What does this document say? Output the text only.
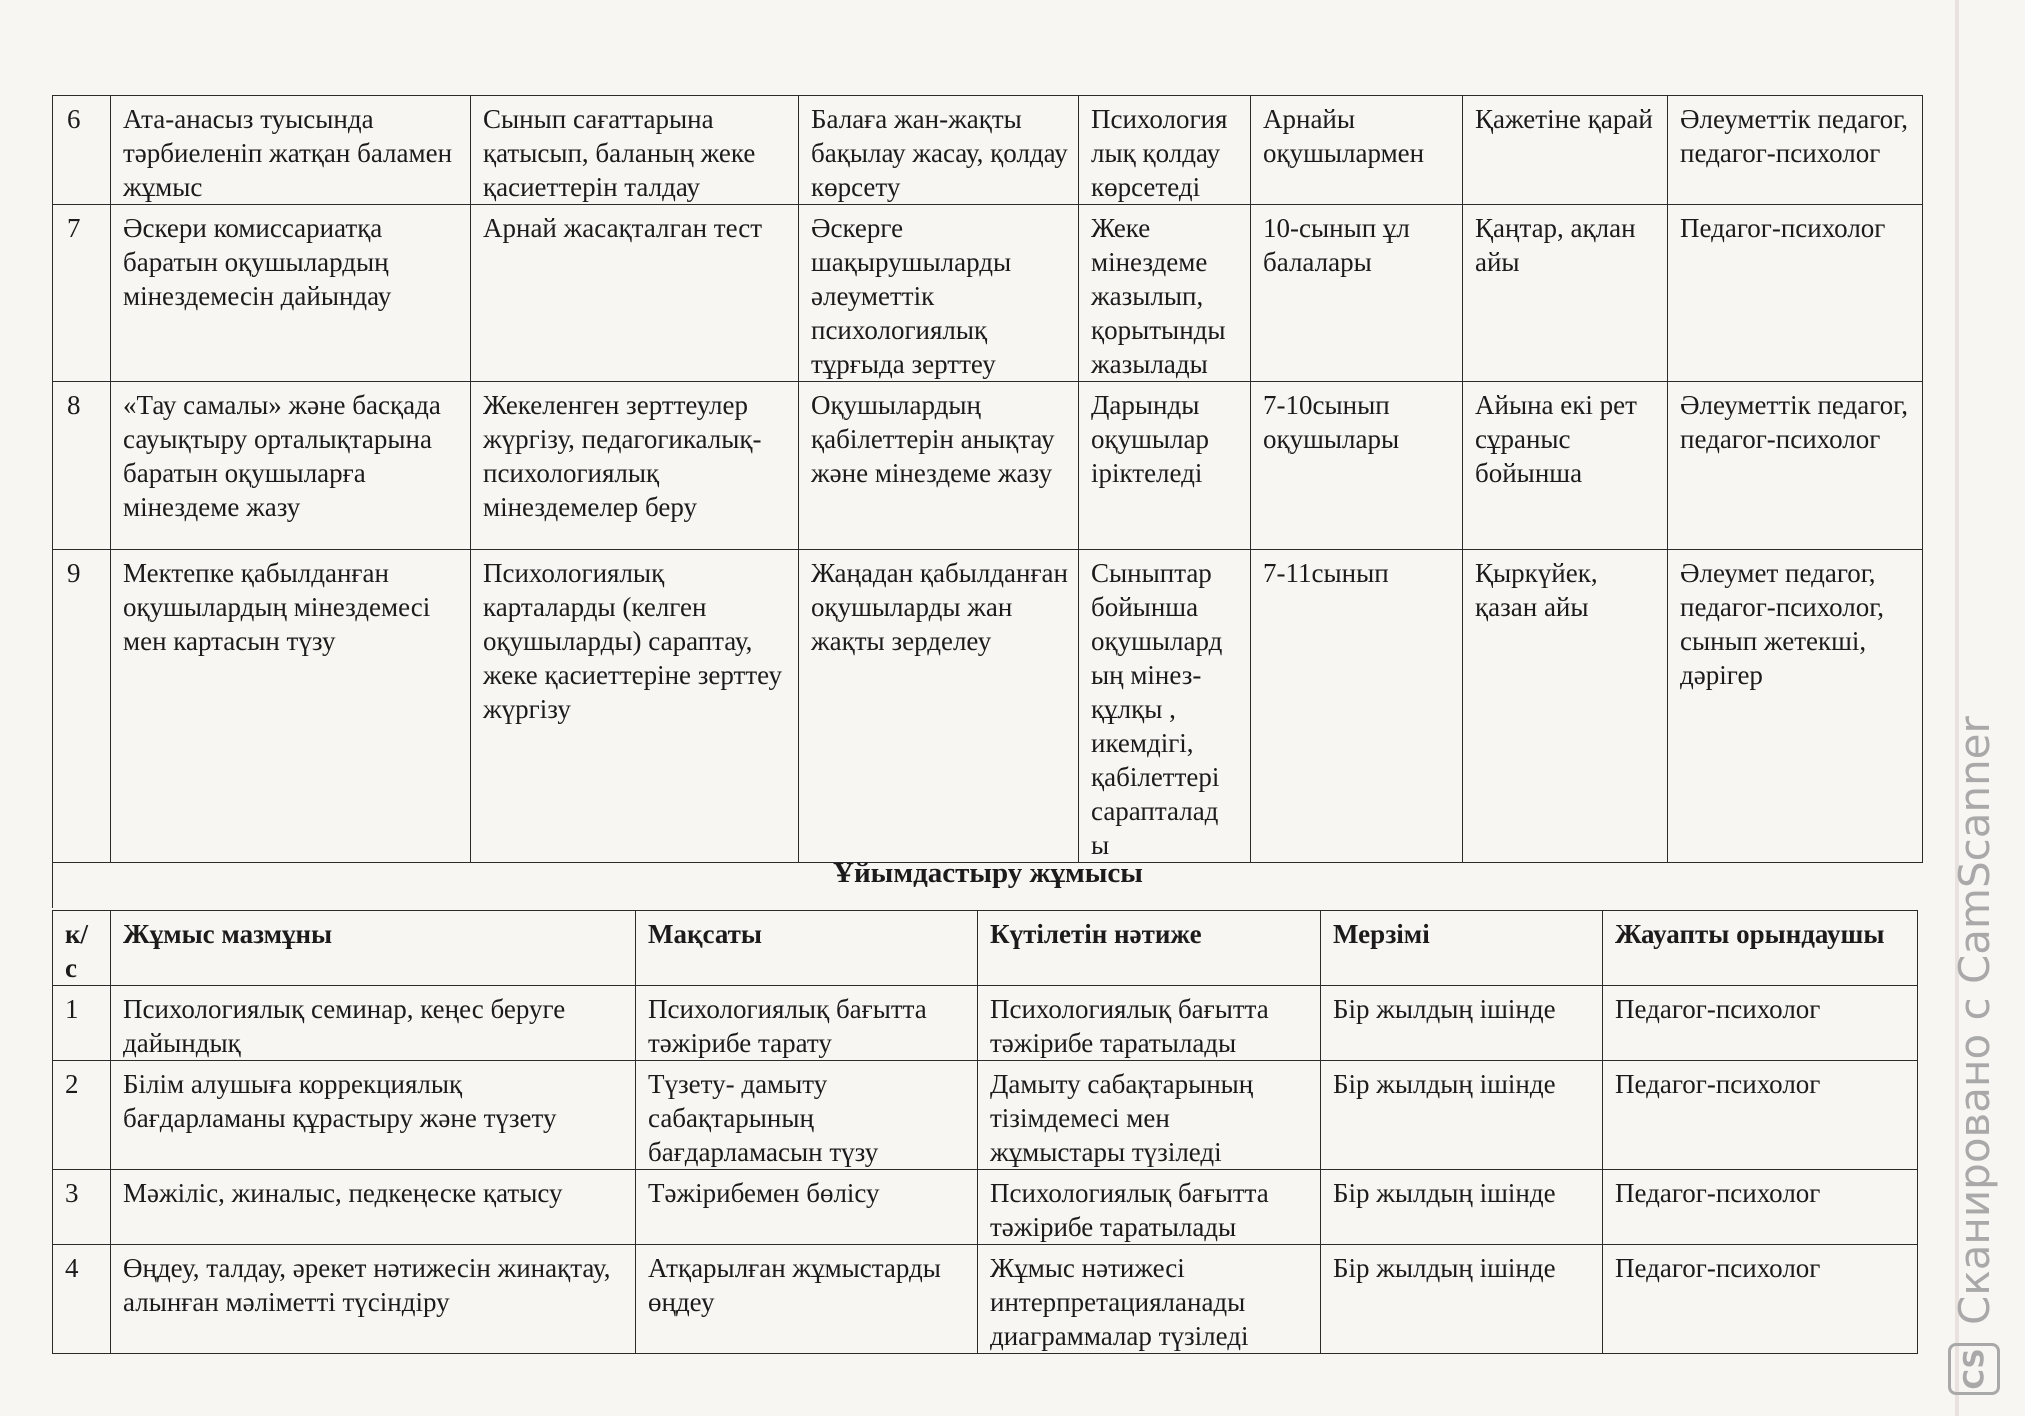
6	Ата-анасыз туысында тәрбиеленіп жатқан баламен жұмыс	Сынып сағаттарына қатысып, баланың жеке қасиеттерін талдау	Балаға жан-жақты бақылау жасау, қолдау көрсету	Психология лық қолдау көрсетеді	Арнайы оқушылармен	Қажетіне қарай	Әлеуметтік педагог, педагог-психолог
7	Әскери комиссариатқа баратын оқушылардың мінездемесін дайындау	Арнай жасақталган тест	Әскерге шақырушыларды әлеуметтік психологиялық тұрғыда зерттеу	Жеке мінездеме жазылып, қорытынды жазылады	10-сынып ұл балалары	Қаңтар, ақлан айы	Педагог-психолог
8	«Тау самалы» және басқада сауықтыру орталықтарына баратын оқушыларға мінездеме жазу	Жекеленген зерттеулер жүргізу, педагогикалық-психологиялық мінездемелер беру	Оқушылардың қабілеттерін анықтау және мінездеме жазу	Дарынды оқушылар іріктеледі	7-10сынып оқушылары	Айына екі рет сұраныс бойынша	Әлеуметтік педагог, педагог-психолог
9	Мектепке қабылданған оқушылардың мінездемесі мен картасын түзу	Психологиялық карталарды (келген оқушыларды) сараптау, жеке қасиеттеріне зерттеу жүргізу	Жаңадан қабылданған оқушыларды жан жақты зерделеу	Сыныптар бойынша оқушылард ың мінез-құлқы , икемдігі, қабілеттері сарапталад ы	7-11сынып	Қыркүйек, қазан айы	Әлеумет педагог, педагог-психолог, сынып жетекші, дәрігер
Ұйымдастыру жұмысы
к/с	Жұмыс мазмұны	Мақсаты	Күтілетін нәтиже	Мерзімі	Жауапты орындаушы
1	Психологиялық семинар, кеңес беруге дайындық	Психологиялық бағытта тәжірибе тарату	Психологиялық бағытта тәжірибе таратылады	Бір жылдың ішінде	Педагог-психолог
2	Білім алушыға коррекциялық бағдарламаны құрастыру және түзету	Түзету- дамыту сабақтарының бағдарламасын түзу	Дамыту сабақтарының тізімдемесі мен жұмыстары түзіледі	Бір жылдың ішінде	Педагог-психолог
3	Мәжіліс, жиналыс, педкеңеске қатысу	Тәжірибемен бөлісу	Психологиялық бағытта тәжірибе таратылады	Бір жылдың ішінде	Педагог-психолог
4	Өңдеу, талдау, әрекет нәтижесін жинақтау, алынған мәліметті түсіндіру	Атқарылған жұмыстарды өңдеу	Жұмыс нәтижесі интерпретацияланады диаграммалар түзіледі	Бір жылдың ішінде	Педагог-психолог
CS
Сканировано с CamScanner
